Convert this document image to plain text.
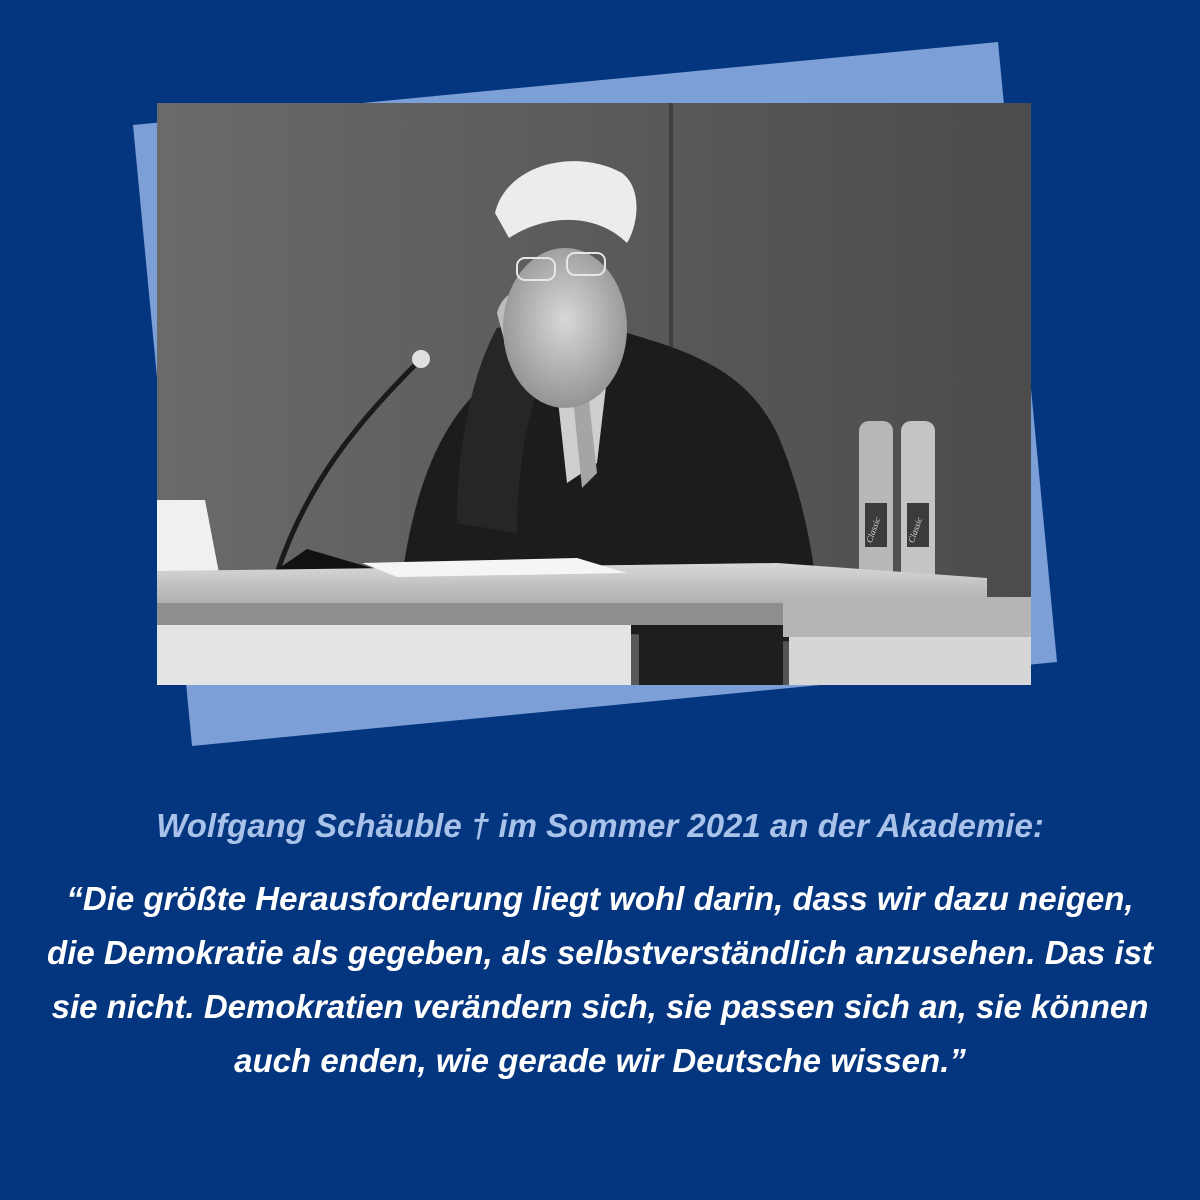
Classic	Classic
Wolfgang Schäuble † im Sommer 2021 an der Akademie:
“Die größte Herausforderung liegt wohl darin, dass wir dazu neigen, die Demokratie als gegeben, als selbstverständlich anzusehen. Das ist sie nicht. Demokratien verändern sich, sie passen sich an, sie können auch enden, wie gerade wir Deutsche wissen.”
